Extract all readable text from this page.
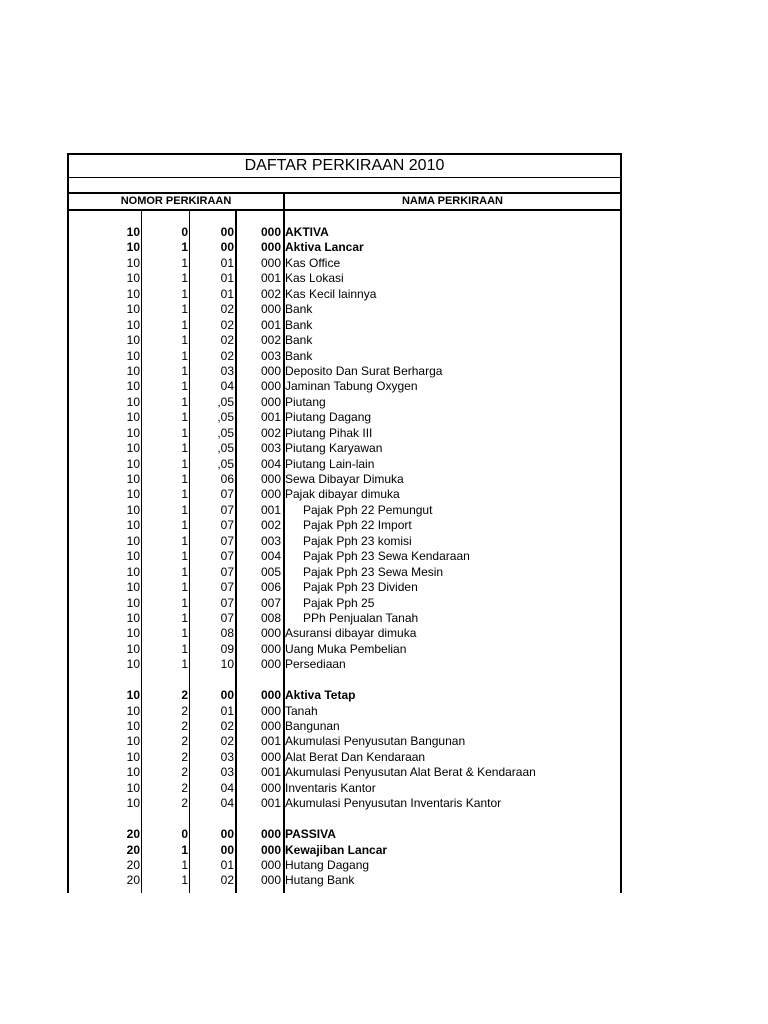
DAFTAR PERKIRAAN 2010
NOMOR PERKIRAAN	NAMA PERKIRAAN
10	0	00	000 AKTIVA
10	1	00	000 Aktiva Lancar
10	1	01	000 Kas Office
10	1	01	001 Kas Lokasi
10	1	01	002 Kas Kecil lainnya
10	1	02	000 Bank
10	1	02	001 Bank
10	1	02	002 Bank
10	1	02	003 Bank
10	1	03	000 Deposito Dan Surat Berharga
10	1	04	000 Jaminan Tabung Oxygen
10	1	,05	000 Piutang
10	1	,05	001 Piutang Dagang
10	1	,05	002 Piutang Pihak III
10	1	,05	003 Piutang Karyawan
10	1	,05	004 Piutang Lain-lain
10	1	06	000 Sewa Dibayar Dimuka
10	1	07	000 Pajak dibayar dimuka
10	1	07	001	Pajak Pph 22 Pemungut
10	1	07	002	Pajak Pph 22 Import
10	1	07	003	Pajak Pph 23 komisi
10	1	07	004	Pajak Pph 23 Sewa Kendaraan
10	1	07	005	Pajak Pph 23 Sewa Mesin
10	1	07	006	Pajak Pph 23 Dividen
10	1	07	007	Pajak Pph 25
10	1	07	008	PPh Penjualan Tanah
10	1	08	000 Asuransi dibayar dimuka
10	1	09	000 Uang Muka Pembelian
10	1	10	000 Persediaan
10	2	00	000 Aktiva Tetap
10	2	01	000 Tanah
10	2	02	000 Bangunan
10	2	02	001 Akumulasi Penyusutan Bangunan
10	2	03	000 Alat Berat Dan Kendaraan
10	2	03	001 Akumulasi Penyusutan Alat Berat & Kendaraan
10	2	04	000 Inventaris Kantor
10	2	04	001 Akumulasi Penyusutan Inventaris Kantor
20	0	00	000 PASSIVA
20	1	00	000 Kewajiban Lancar
20	1	01	000 Hutang Dagang
20	1	02	000 Hutang Bank
